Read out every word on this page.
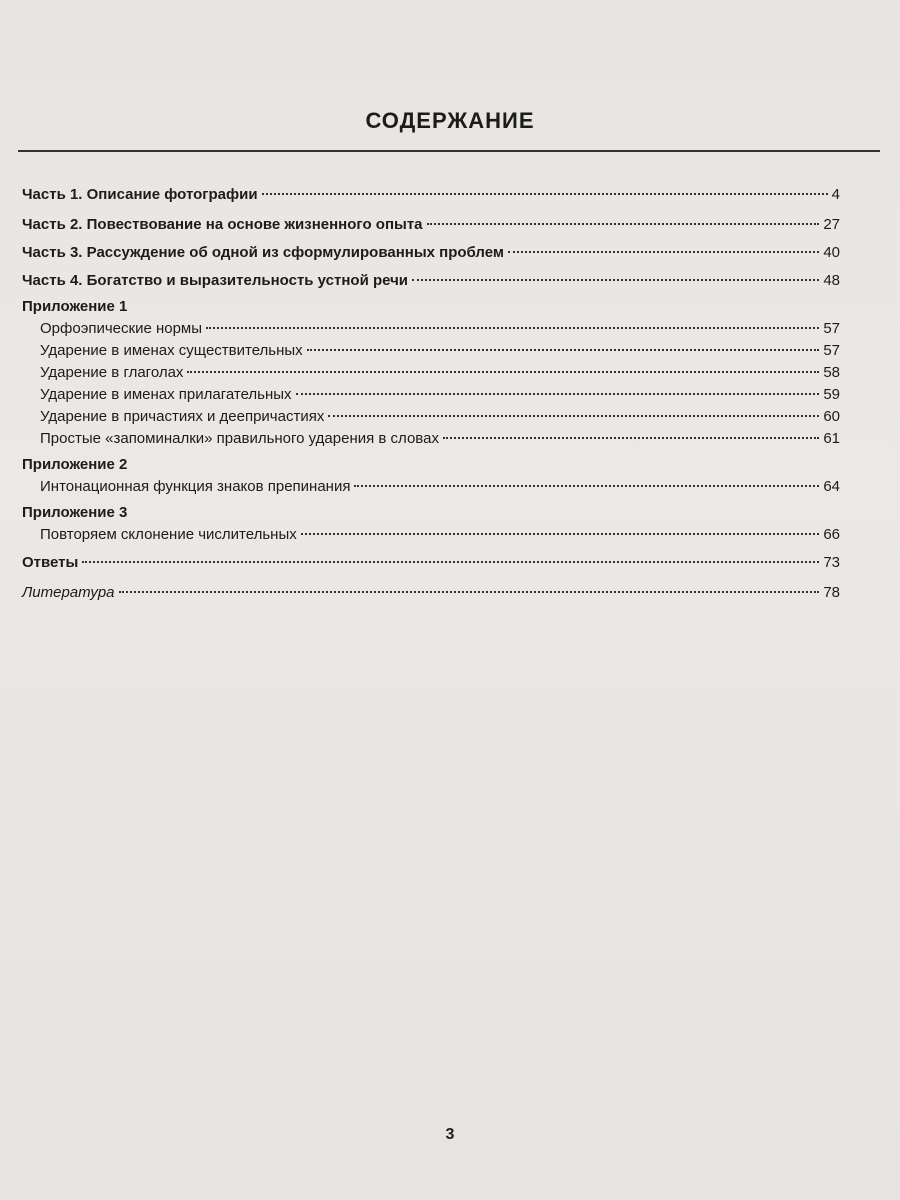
СОДЕРЖАНИЕ
Часть 1. Описание фотографии	4
Часть 2. Повествование на основе жизненного опыта	27
Часть 3. Рассуждение об одной из сформулированных проблем	40
Часть 4. Богатство и выразительность устной речи	48
Приложение 1
Орфоэпические нормы	57
Ударение в именах существительных	57
Ударение в глаголах	58
Ударение в именах прилагательных	59
Ударение в причастиях и деепричастиях	60
Простые «запоминалки» правильного ударения в словах	61
Приложение 2
Интонационная функция знаков препинания	64
Приложение 3
Повторяем склонение числительных	66
Ответы	73
Литература	78
3
